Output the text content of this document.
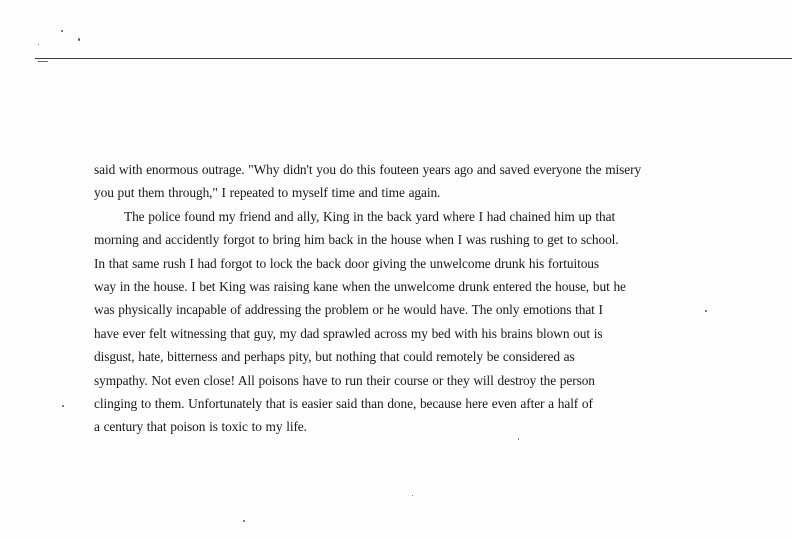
said with enormous outrage. "Why didn't you do this fouteen years ago and saved everyone the misery
you put them through," I repeated to myself time and time again.
The police found my friend and ally, King in the back yard where I had chained him up that
morning and accidently forgot to bring him back in the house when I was rushing to get to school.
In that same rush I had forgot to lock the back door giving the unwelcome drunk his fortuitous
way in the house. I bet King was raising kane when the unwelcome drunk entered the house, but he
was physically incapable of addressing the problem or he would have. The only emotions that I
have ever felt witnessing that guy, my dad sprawled across my bed with his brains blown out is
disgust, hate, bitterness and perhaps pity, but nothing that could remotely be considered as
sympathy. Not even close! All poisons have to run their course or they will destroy the person
clinging to them. Unfortunately that is easier said than done, because here even after a half of
a century that poison is toxic to my life.
